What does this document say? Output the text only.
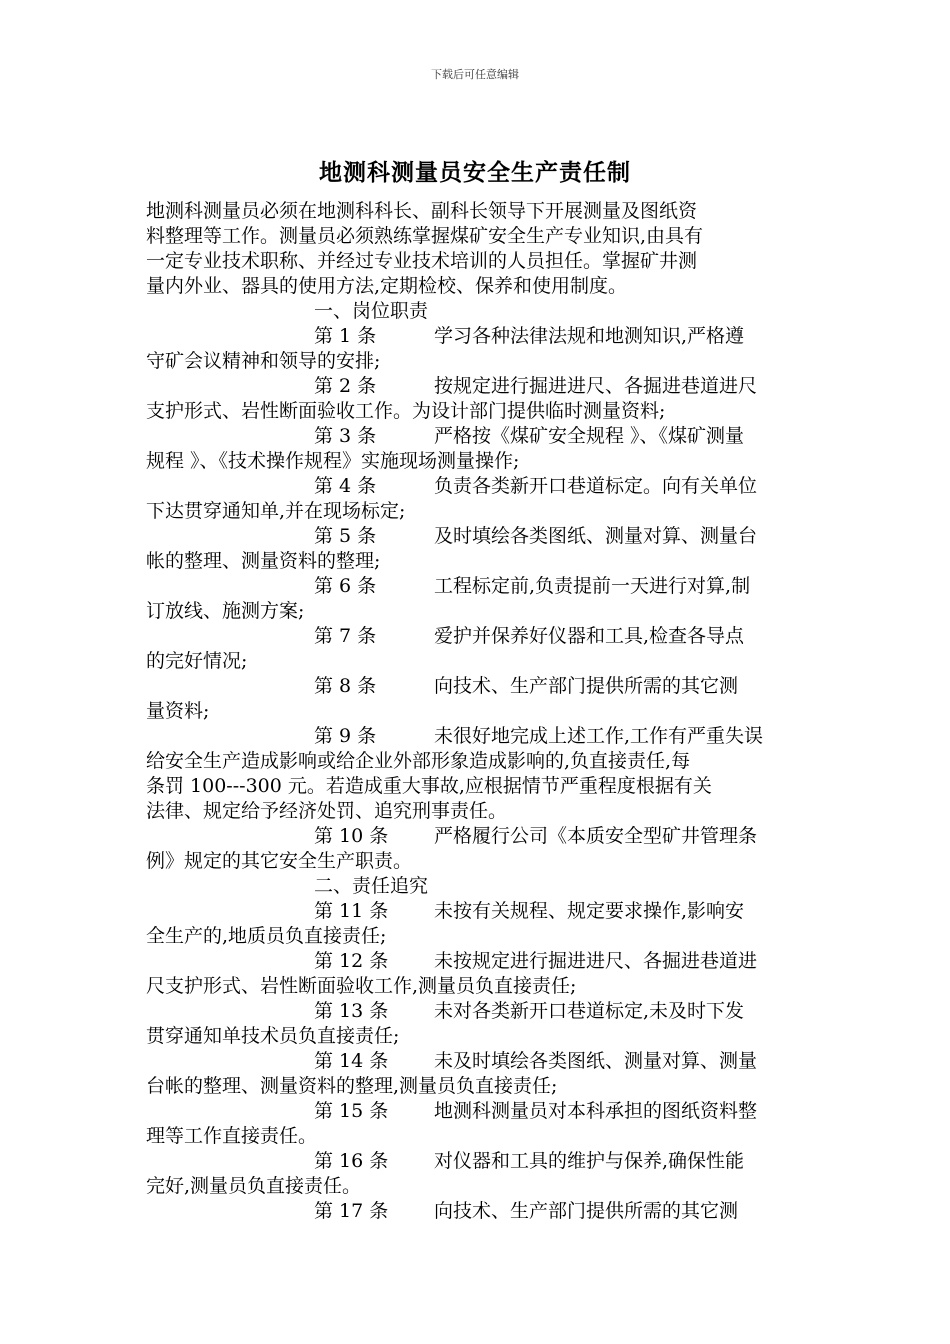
下载后可任意编辑
地测科测量员安全生产责任制
地测科测量员必须在地测科科长、副科长领导下开展测量及图纸资
料整理等工作。测量员必须熟练掌握煤矿安全生产专业知识,由具有
一定专业技术职称、并经过专业技术培训的人员担任。掌握矿井测
量内外业、器具的使用方法,定期检校、保养和使用制度。
一、岗位职责
第 1 条	学习各种法律法规和地测知识,严格遵
守矿会议精神和领导的安排;
第 2 条	按规定进行掘进进尺、各掘进巷道进尺
支护形式、岩性断面验收工作。为设计部门提供临时测量资料;
第 3 条	严格按《煤矿安全规程 》、《煤矿测量
规程 》、《技术操作规程》实施现场测量操作;
第 4 条	负责各类新开口巷道标定。向有关单位
下达贯穿通知单,并在现场标定;
第 5 条	及时填绘各类图纸、测量对算、测量台
帐的整理、测量资料的整理;
第 6 条	工程标定前,负责提前一天进行对算,制
订放线、施测方案;
第 7 条	爱护并保养好仪器和工具,检查各导点
的完好情况;
第 8 条	向技术、生产部门提供所需的其它测
量资料;
第 9 条	未很好地完成上述工作,工作有严重失误
给安全生产造成影响或给企业外部形象造成影响的,负直接责任,每
条罚 100---300 元。若造成重大事故,应根据情节严重程度根据有关
法律、规定给予经济处罚、追究刑事责任。
第 10 条 严格履行公司《本质安全型矿井管理条
例》规定的其它安全生产职责。
二、责任追究
第 11 条 未按有关规程、规定要求操作,影响安
全生产的,地质员负直接责任;
第 12 条 未按规定进行掘进进尺、各掘进巷道进
尺支护形式、岩性断面验收工作,测量员负直接责任;
第 13 条 未对各类新开口巷道标定,未及时下发
贯穿通知单技术员负直接责任;
第 14 条 未及时填绘各类图纸、测量对算、测量
台帐的整理、测量资料的整理,测量员负直接责任;
第 15 条 地测科测量员对本科承担的图纸资料整
理等工作直接责任。
第 16 条 对仪器和工具的维护与保养,确保性能
完好,测量员负直接责任。
第 17 条 向技术、生产部门提供所需的其它测
